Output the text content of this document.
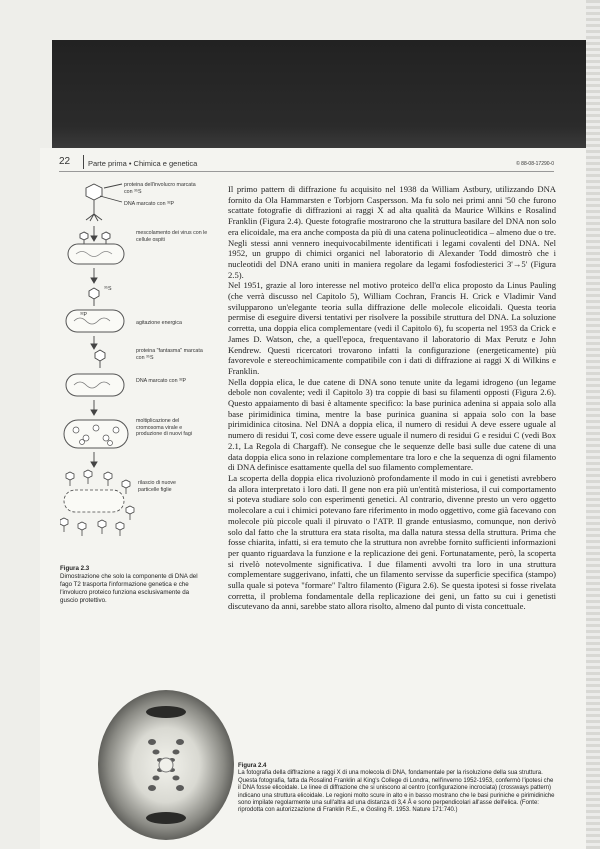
22 Parte prima • Chimica e genetica	© 88-08-17290-0
proteina dell'involucro marcata con ³⁵S
DNA marcato con ³²P
mescolamento dei virus con le cellule ospiti
³⁵S
³²P
agitazione energica
proteina "fantasma" marcata con ³⁵S
DNA marcato con ³²P
moltiplicazione del cromosoma virale e produzione di nuovi fagi
rilascio di nuove particelle figlie
Figura 2.3
Dimostrazione che solo la componente di DNA del fago T2 trasporta l'informazione genetica e che l'involucro proteico funziona esclusivamente da guscio protettivo.

Il primo pattern di diffrazione fu acquisito nel 1938 da William Astbury, utilizzando DNA fornito da Ola Hammarsten e Torbjorn Caspersson. Ma fu solo nei primi anni '50 che furono scattate fotografie di diffrazioni ai raggi X ad alta qualità da Maurice Wilkins e Rosalind Franklin (Figura 2.4). Queste fotografie mostrarono che la struttura basilare del DNA non solo era elicoidale, ma era anche composta da più di una catena polinucleotidica – almeno due o tre. Negli stessi anni vennero inequivocabilmente identificati i legami covalenti del DNA. Nel 1952, un gruppo di chimici organici nel laboratorio di Alexander Todd dimostrò che i nucleotidi del DNA erano uniti in maniera regolare da legami fosfodiesterici 3'→5' (Figura 2.5).

Nel 1951, grazie al loro interesse nel motivo proteico dell'α elica proposto da Linus Pauling (che verrà discusso nel Capitolo 5), William Cochran, Francis H. Crick e Vladimir Vand svilupparono un'elegante teoria sulla diffrazione delle molecole elicoidali. Questa teoria permise di eseguire diversi tentativi per risolvere la possibile struttura del DNA. La soluzione corretta, una doppia elica complementare (vedi il Capitolo 6), fu scoperta nel 1953 da Crick e James D. Watson, che, a quell'epoca, frequentavano il laboratorio di Max Perutz e John Kendrew. Questi ricercatori trovarono infatti la configurazione (energeticamente) più favorevole e stereochimicamente compatibile con i dati di diffrazione ai raggi X di Wilkins e Franklin.

Nella doppia elica, le due catene di DNA sono tenute unite da legami idrogeno (un legame debole non covalente; vedi il Capitolo 3) tra coppie di basi su filamenti opposti (Figura 2.6). Questo appaiamento di basi è altamente specifico: la base purinica adenina si appaia solo alla base pirimidinica timina, mentre la base purinica guanina si appaia solo con la base pirimidinica citosina. Nel DNA a doppia elica, il numero di residui A deve essere uguale al numero di residui T, così come deve essere uguale il numero di residui G e residui C (vedi Box 2.1, La Regola di Chargaff). Ne consegue che le sequenze delle basi sulle due catene di una data doppia elica sono in relazione complementare tra loro e che la sequenza di ogni filamento di DNA definisce esattamente quella del suo filamento complementare.

La scoperta della doppia elica rivoluzionò profondamente il modo in cui i genetisti avrebbero da allora interpretato i loro dati. Il gene non era più un'entità misteriosa, il cui comportamento si poteva studiare solo con esperimenti genetici. Al contrario, divenne presto un vero oggetto molecolare a cui i chimici potevano fare riferimento in modo oggettivo, come già facevano con molecole più piccole quali il piruvato o l'ATP. Il grande entusiasmo, comunque, non derivò solo dal fatto che la struttura era stata risolta, ma dalla natura stessa della struttura. Prima che fosse chiarita, infatti, si era temuto che la struttura non avrebbe fornito sufficienti informazioni per quanto riguardava la funzione e la replicazione dei geni. Fortunatamente, però, la scoperta si rivelò notevolmente significativa. I due filamenti avvolti tra loro in una struttura complementare suggerivano, infatti, che un filamento servisse da superficie specifica (stampo) sulla quale si poteva "formare" l'altro filamento (Figura 2.6). Se questa ipotesi si fosse rivelata corretta, il problema fondamentale della replicazione dei geni, un fatto su cui i genetisti discutevano da anni, sarebbe stato allora risolto, almeno dal punto di vista concettuale.

Figura 2.4
La fotografia della diffrazione a raggi X di una molecola di DNA, fondamentale per la risoluzione della sua struttura. Questa fotografia, fatta da Rosalind Franklin al King's College di Londra, nell'inverno 1952-1953, confermò l'ipotesi che il DNA fosse elicoidale. Le linee di diffrazione che si uniscono al centro (configurazione incrociata) (crossways pattern) indicano una struttura elicoidale. Le regioni molto scure in alto e in basso mostrano che le basi puriniche e pirimidiniche sono impilate regolarmente una sull'altra ad una distanza di 3,4 Å e sono perpendicolari all'asse dell'elica. (Fonte: riprodotta con autorizzazione di Franklin R.E., e Gosling R. 1953. Nature 171:740.)
